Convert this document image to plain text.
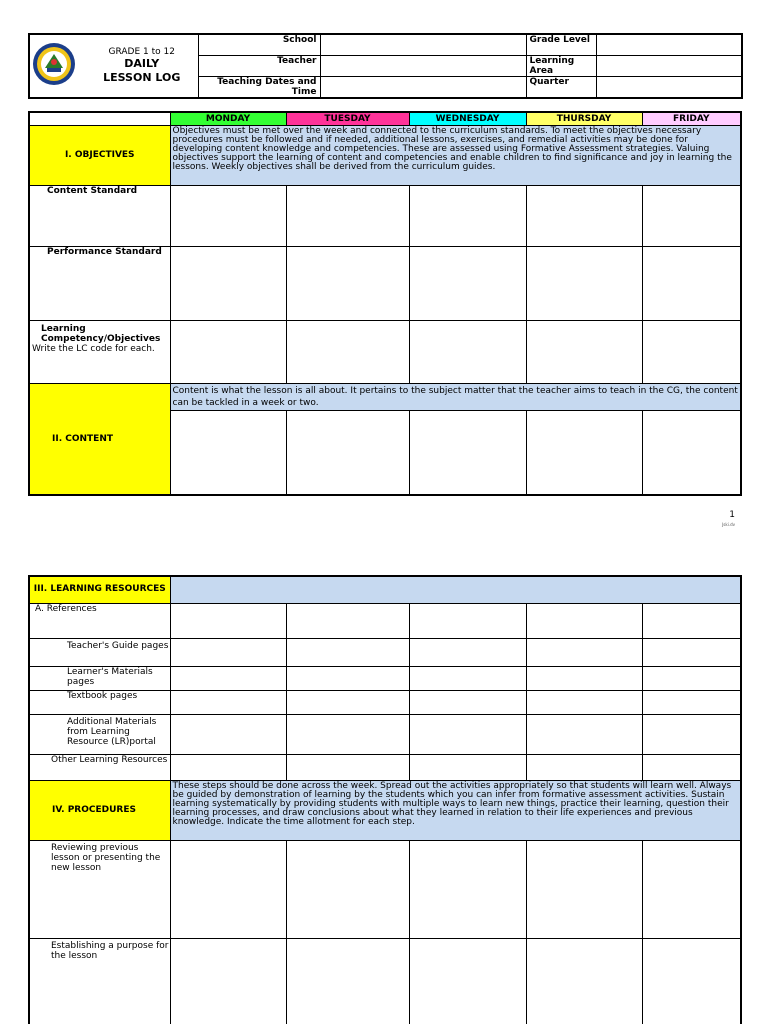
GRADE 1 to 12
DAILY
LESSON LOG	School		Grade Level	
		Teacher		Learning Area	
		Teaching Dates and Time		Quarter	
	MONDAY	TUESDAY	WEDNESDAY	THURSDAY	FRIDAY
I. OBJECTIVES	Objectives must be met over the week and connected to the curriculum standards. To meet the objectives necessary procedures must be followed and if needed, additional lessons, exercises, and remedial activities may be done for developing content knowledge and competencies. These are assessed using Formative Assessment strategies. Valuing objectives support the learning of content and competencies and enable children to find significance and joy in learning the lessons. Weekly objectives shall be derived from the curriculum guides.				
Content Standard					
Performance Standard					

Learning Competency/Objectives
Write the LC code for each.					

II. CONTENT	Content is what the lesson is all about. It pertains to the subject matter that the teacher aims to teach in the CG, the content can be tackled in a week or two.				

1
Jski.dv
III. LEARNING RESOURCES					
A. References					
Teacher's Guide pages					
Learner's Materials pages					
Textbook pages					
Additional Materials from Learning Resource (LR)portal					
Other Learning Resources					
IV. PROCEDURES	These steps should be done across the week. Spread out the activities appropriately so that students will learn well. Always be guided by demonstration of learning by the students which you can infer from formative assessment activities. Sustain learning systematically by providing students with multiple ways to learn new things, practice their learning, question their learning processes, and draw conclusions about what they learned in relation to their life experiences and previous knowledge. Indicate the time allotment for each step.				
Reviewing previous lesson or presenting the new lesson					
Establishing a purpose for the lesson					
